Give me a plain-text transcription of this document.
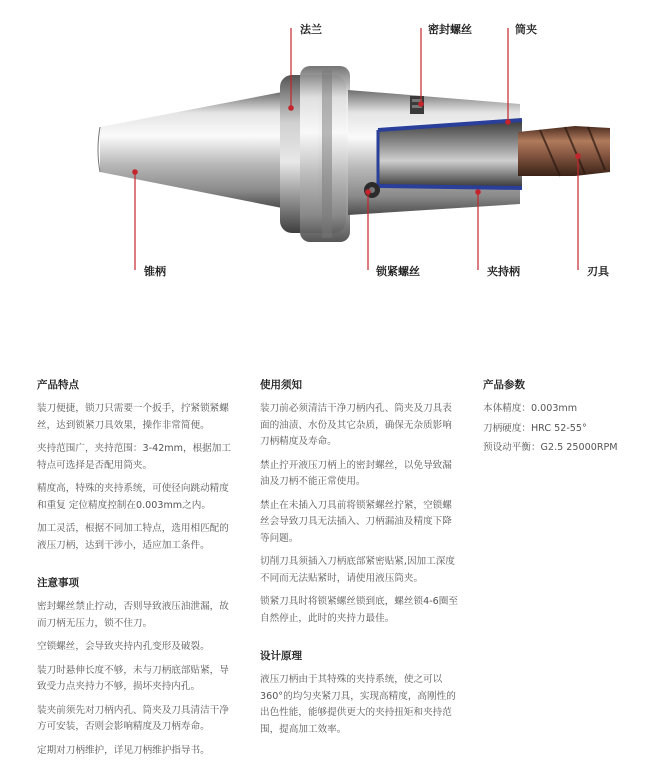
法兰	密封螺丝	筒夹
锥柄	锁紧螺丝	夹持柄	刃具
产品特点

装刀便捷，锁刀只需要一个扳手，拧紧锁紧螺丝，达到锁紧刀具效果，操作非常简便。

夹持范围广，夹持范围：3-42mm，根据加工特点可选择是否配用筒夹。

精度高，特殊的夹持系统，可使径向跳动精度和重复 定位精度控制在0.003mm之内。

加工灵活，根据不同加工特点，选用相匹配的液压刀柄，达到干涉小，适应加工条件。

注意事项

密封螺丝禁止拧动，否则导致液压油泄漏，故而刀柄无压力，锁不住刀。

空锁螺丝，会导致夹持内孔变形及破裂。

装刀时悬伸长度不够，未与刀柄底部贴紧，导致受力点夹持力不够，损坏夹持内孔。

装夹前须先对刀柄内孔、筒夹及刀具清洁干净方可安装，否则会影响精度及刀柄寿命。

定期对刀柄维护，详见刀柄维护指导书。

使用须知

装刀前必须清洁干净刀柄内孔、筒夹及刀具表面的油渍、水份及其它杂质，确保无杂质影响刀柄精度及寿命。

禁止拧开液压刀柄上的密封螺丝，以免导致漏油及刀柄不能正常使用。

禁止在未插入刀具前将锁紧螺丝拧紧，空锁螺丝会导致刀具无法插入、刀柄漏油及精度下降等问题。

切削刀具须插入刀柄底部紧密贴紧,因加工深度不同而无法贴紧时，请使用液压筒夹。

锁紧刀具时将锁紧螺丝锁到底，螺丝锁4-6圈至自然停止，此时的夹持力最佳。

设计原理

液压刀柄由于其特殊的夹持系统，使之可以360°的均匀夹紧刀具，实现高精度，高刚性的出色性能，能够提供更大的夹持扭矩和夹持范围，提高加工效率。

产品参数

本体精度：0.003mm

刀柄硬度：HRC 52-55°

预设动平衡：G2.5 25000RPM
